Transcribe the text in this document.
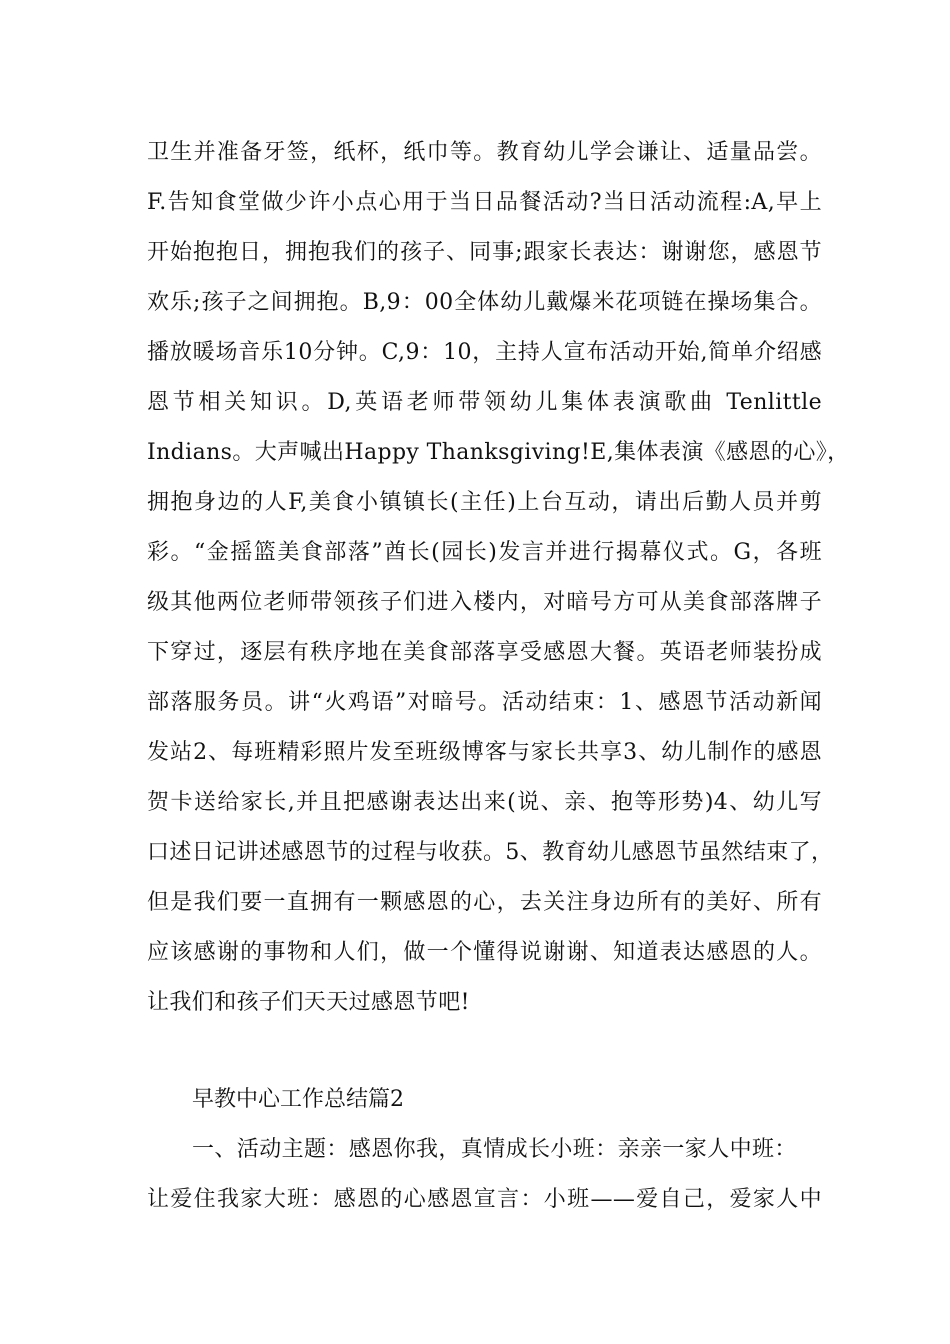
卫生并准备牙签，纸杯，纸巾等。教育幼儿学会谦让、适量品尝。
F.告知食堂做少许小点心用于当日品餐活动?当日活动流程:A,早上
开始抱抱日，拥抱我们的孩子、同事;跟家长表达：谢谢您，感恩节
欢乐;孩子之间拥抱。B,9：00全体幼儿戴爆米花项链在操场集合。
播放暖场音乐10分钟。C,9：10，主持人宣布活动开始,简单介绍感
恩节相关知识。D,英语老师带领幼儿集体表演歌曲 Tenlittle
Indians。大声喊出Happy Thanksgiving!E,集体表演《感恩的心》，
拥抱身边的人F,美食小镇镇长(主任)上台互动，请出后勤人员并剪
彩。“金摇篮美食部落”酋长(园长)发言并进行揭幕仪式。G，各班
级其他两位老师带领孩子们进入楼内，对暗号方可从美食部落牌子
下穿过，逐层有秩序地在美食部落享受感恩大餐。英语老师装扮成
部落服务员。讲“火鸡语”对暗号。活动结束：1、感恩节活动新闻
发站2、每班精彩照片发至班级博客与家长共享3、幼儿制作的感恩
贺卡送给家长,并且把感谢表达出来(说、亲、抱等形势)4、幼儿写
口述日记讲述感恩节的过程与收获。5、教育幼儿感恩节虽然结束了，
但是我们要一直拥有一颗感恩的心，去关注身边所有的美好、所有
应该感谢的事物和人们，做一个懂得说谢谢、知道表达感恩的人。
让我们和孩子们天天过感恩节吧!
早教中心工作总结篇2
一、活动主题：感恩你我，真情成长小班：亲亲一家人中班：
让爱住我家大班：感恩的心感恩宣言：小班——爱自己，爱家人中
